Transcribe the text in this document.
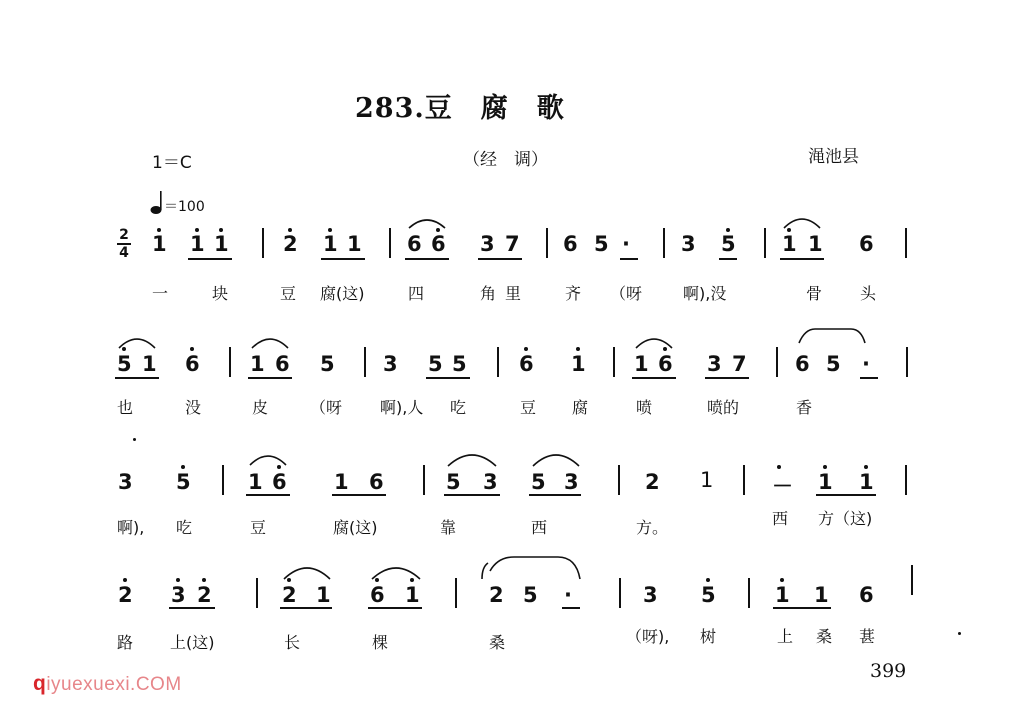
283.豆　腐　歌
1＝C	（经　调）	渑池县
＝100
2
4 1 1 1	2 1 1 6 6 3 7 6 5 · 3 5 1 1 6
一	块	豆 腐(这)	四	角 里	齐 （呀	啊),没	骨 头
5 1 6 1 6 5 3 5 5 6 1 1 6 3 7 6 5 ·
也	没	皮	（呀 啊),人 吃	豆 腐	喷	喷的	香
3 5	1 6 1 6	5 3 5 3	2 1	－ 1 1
啊), 吃	豆	腐(这)	靠	西	方。	西 方（这)
2 3 2	2 1 6 1	2 5 ·	3 5	1 1 6
路 上(这)	长	棵	桑	（呀), 树	上 桑 葚
qiyuexuexi.COM
399
